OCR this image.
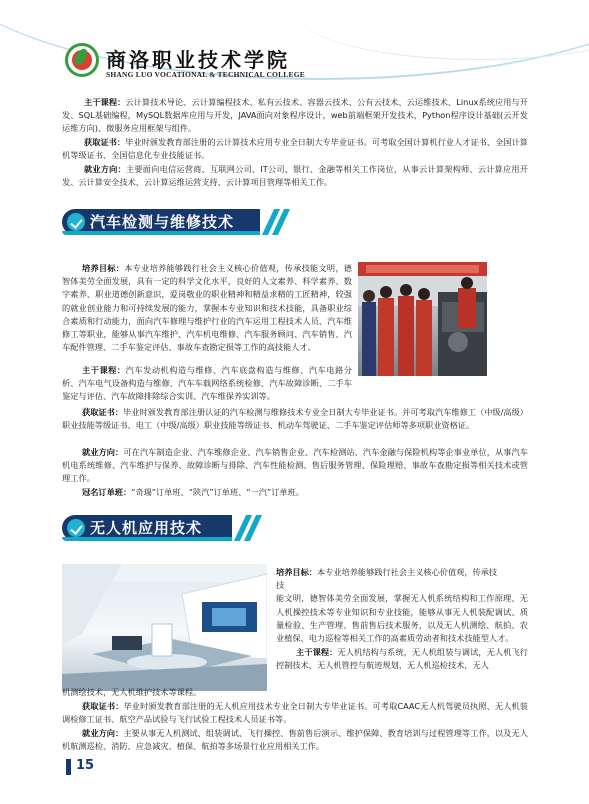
商洛职业技术学院
SHANG LUO VOCATIONAL & TECHNICAL COLLEGE
主干课程：云计算技术导论、云计算编程技术、私有云技术、容器云技术、公有云技术、云运维技术、Linux系统应用与开发、SQL基础编程，MySQL数据库应用与开发，JAVA面向对象程序设计，web前端框架开发技术，Python程序设计基础(云开发运维方向)、微服务应用框架与组件。
获取证书：毕业时颁发教育部注册的云计算技术应用专业全日制大专毕业证书。可考取全国计算机行业人才证书、全国计算机等级证书、全国信息化专业技能证书。
就业方向：主要面向电信运营商、互联网公司、IT公司、银行、金融等相关工作岗位，从事云计算架构师、云计算应用开发、云计算安全技术、云计算运维运营支持、云计算项目管理等相关工作。
汽车检测与维修技术
培养目标：本专业培养能够践行社会主义核心价值观，传承技能文明，德智体美劳全面发展，具有一定的科学文化水平，良好的人文素养、科学素养、数字素养、职业道德创新意识，爱岗敬业的职业精神和精益求精的工匠精神，较强的就业创业能力和可持续发展的能力，掌握本专业知识和技术技能，具备职业综合素质和行动能力，面向汽车修理与维护行业的汽车运用工程技术人员、汽车维修工等职业，能够从事汽车维护、汽车机电维修、汽车服务顾问、汽车销售、汽车配件管理、二手车鉴定评估、事故车查勘定损等工作的高技能人才。
主干课程：汽车发动机构造与维修、汽车底盘构造与维修、汽车电路分析、汽车电气设备构造与维修、汽车车载网络系统检修、汽车故障诊断、二手车鉴定与评估、汽车故障排除综合实训、汽车维保养实训等。
获取证书：毕业时颁发教育部注册认证的汽车检测与维修技术专业全日制大专毕业证书。并可考取汽车维修工（中级/高级）职业技能等级证书、电工（中级/高级）职业技能等级证书、机动车驾驶证、二手车鉴定评估师等多项职业资格证。
就业方向：可在汽车制造企业、汽车维修企业、汽车销售企业、汽车检测站、汽车金融与保险机构等企事业单位，从事汽车机电系统维修、汽车维护与保养、故障诊断与排除、汽车性能检测、售后服务管理、保险理赔、事故车查勘定损等相关技术或管理工作。
冠名订单班：“奇瑞”订单班、“陕汽”订单班、“一汽”订单班。
无人机应用技术
培养目标：本专业培养能够践行社会主义核心价值观，传承技
技
能文明，德智体美劳全面发展，掌握无人机系统结构和工作原理、无人机操控技术等专业知识和专业技能，能够从事无人机装配调试、质量检验、生产管理、售前售后技术服务，以及无人机测绘、航拍、农业植保、电力巡检等相关工作的高素质劳动者和技术技能型人才。
主干课程：无人机结构与系统，无人机组装与调试，无人机飞行控制技术，无人机管控与航迹规划，无人机巡检技术，无人
机测绘技术，无人机维护技术等课程。
获取证书：毕业时颁发教育部注册的无人机应用技术专业全日制大专毕业证书。可考取CAAC无人机驾驶员执照、无人机装调检修工证书、航空产品试验与飞行试验工程技术人员证书等。
就业方向：主要从事无人机测试、组装调试、飞行操控、售前售后演示、维护保障、教育培训与过程管理等工作，以及无人机航测巡检、消防、应急减灾、植保、航拍等多场景行业应用相关工作。
15
